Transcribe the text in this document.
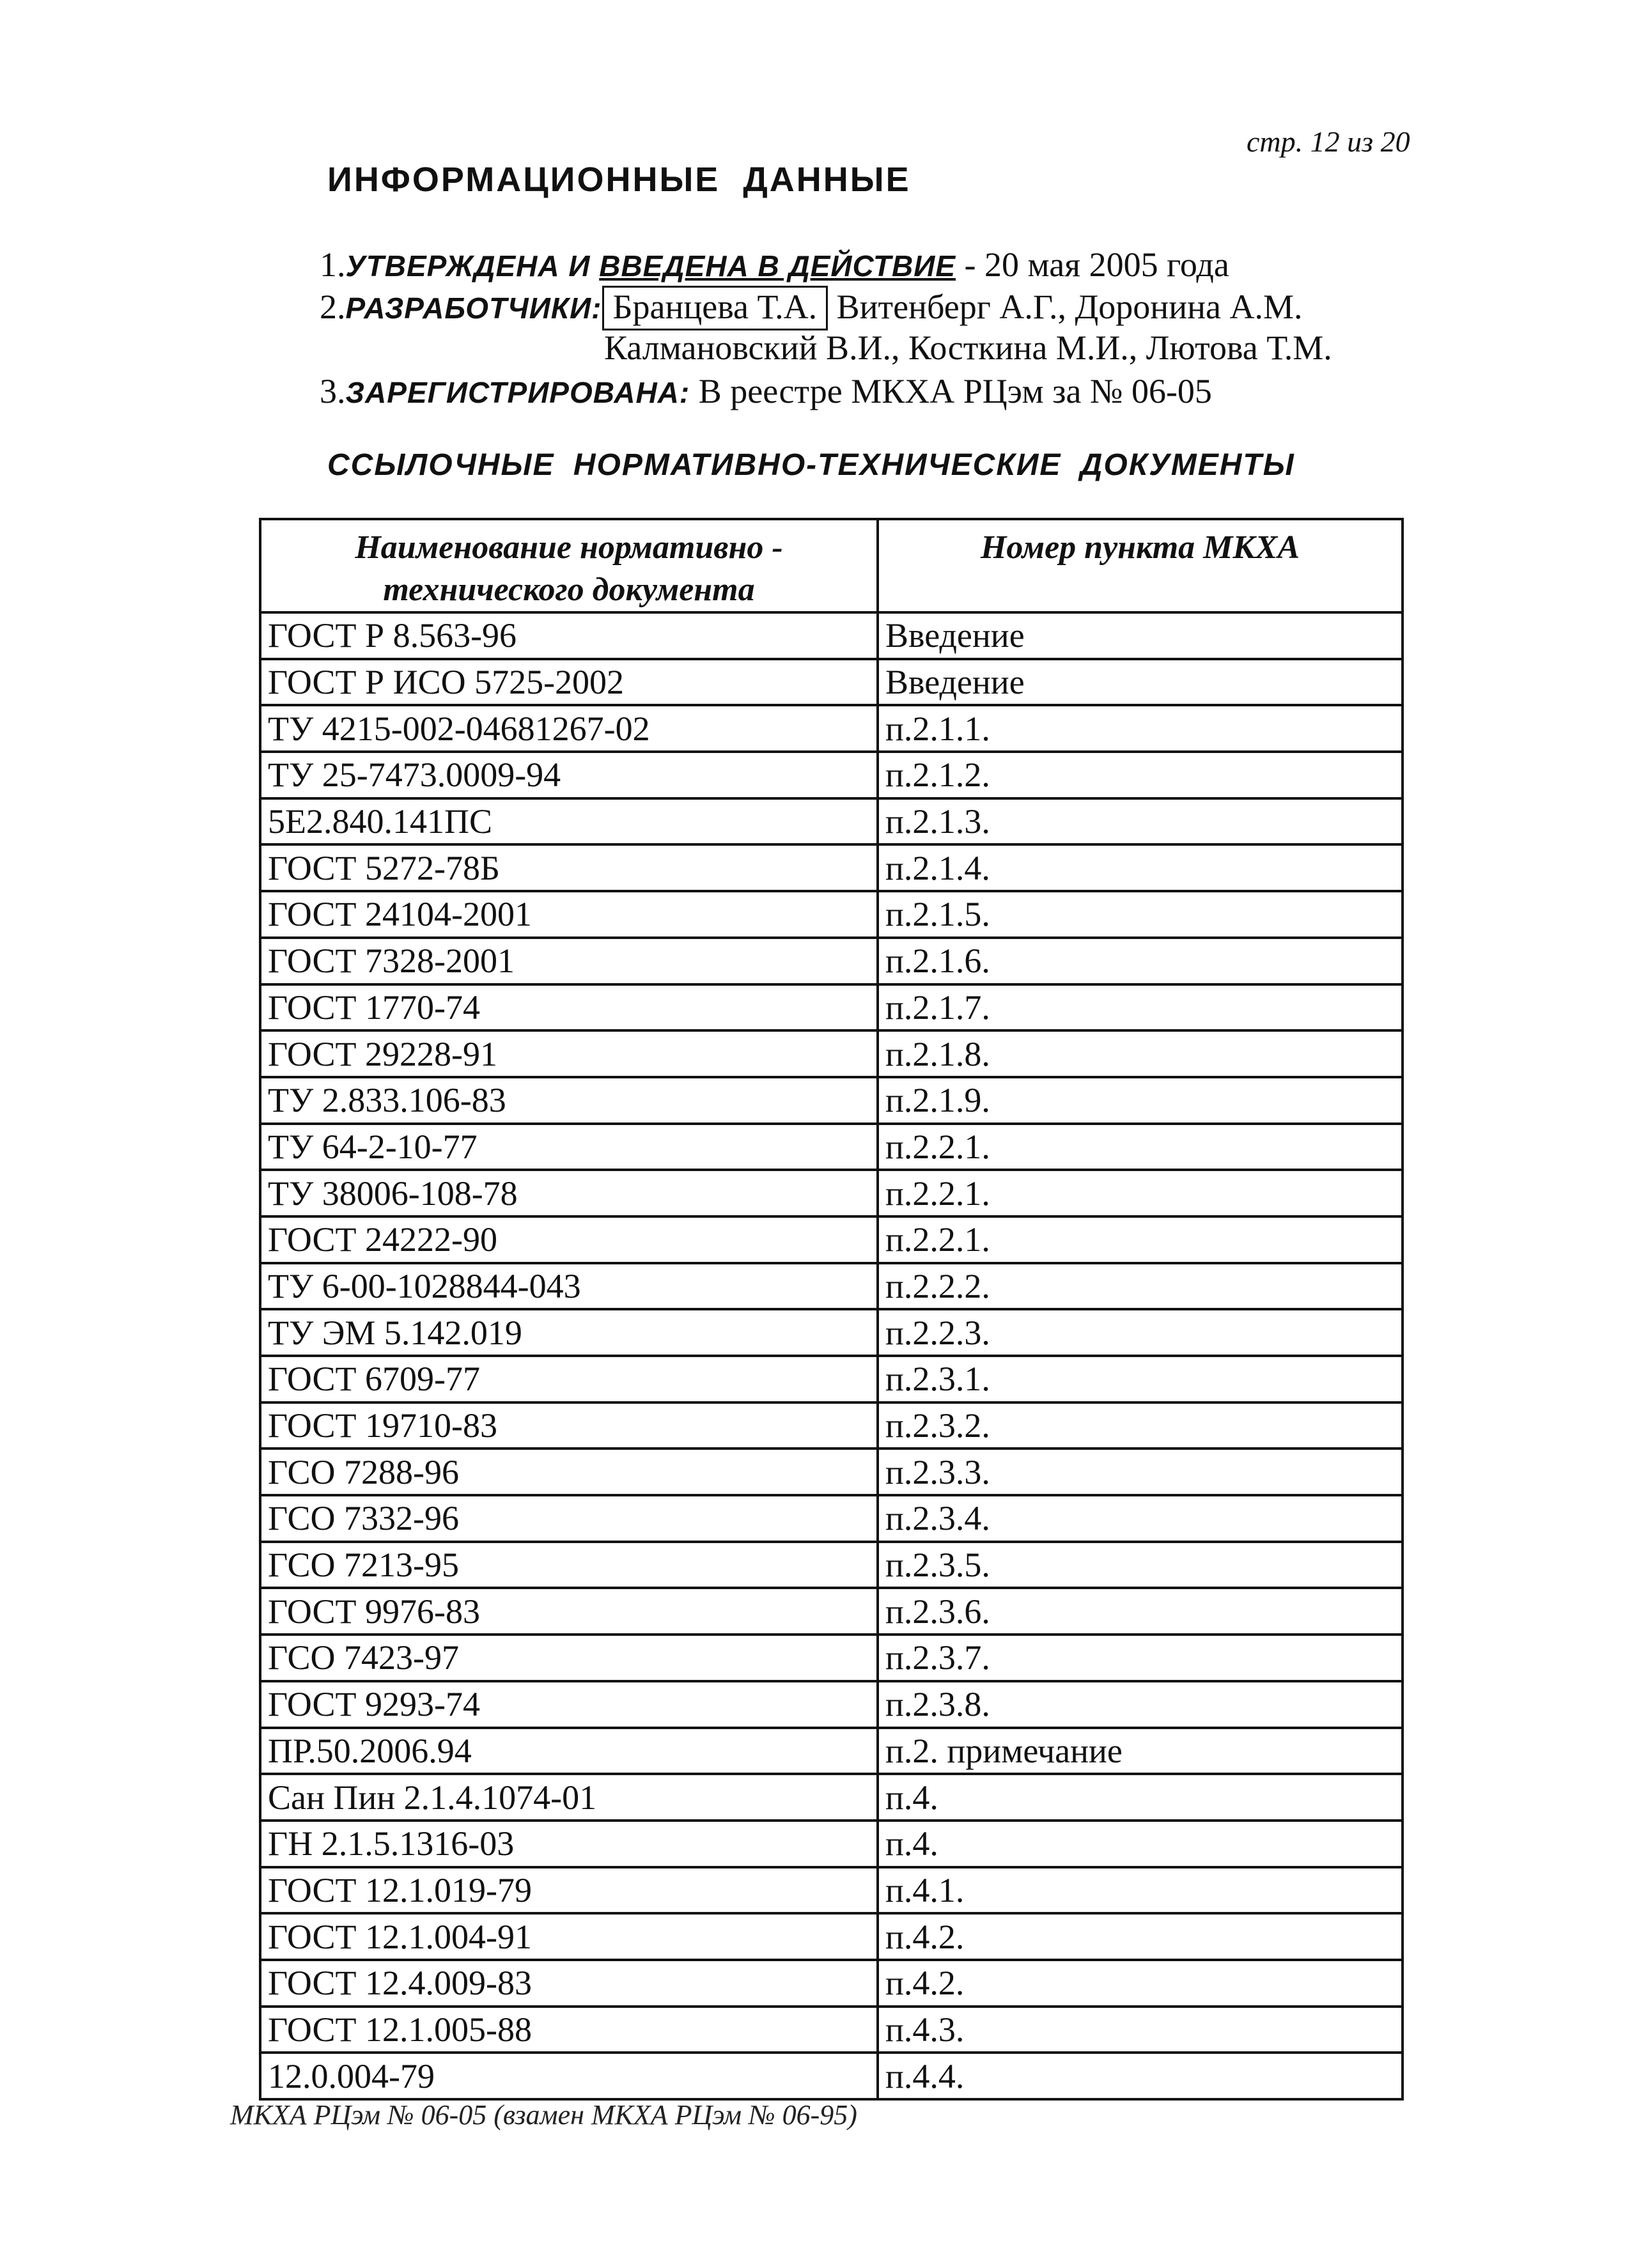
стр. 12 из 20
ИНФОРМАЦИОННЫЕ ДАННЫЕ
1.УТВЕРЖДЕНА И ВВЕДЕНА В ДЕЙСТВИЕ - 20 мая 2005 года
2.РАЗРАБОТЧИКИ: Бранцева Т.А. Витенберг А.Г., Доронина А.М.
Калмановский В.И., Косткина М.И., Лютова Т.М.
3.ЗАРЕГИСТРИРОВАНА: В реестре МКХА РЦэм за № 06-05
ССЫЛОЧНЫЕ НОРМАТИВНО-ТЕХНИЧЕСКИЕ ДОКУМЕНТЫ
Наименование нормативно -
технического документа	Номер пункта МКХА

ГОСТ Р 8.563-96	Введение
ГОСТ Р ИСО 5725-2002	Введение
ТУ 4215-002-04681267-02	п.2.1.1.
ТУ 25-7473.0009-94	п.2.1.2.
5Е2.840.141ПС	п.2.1.3.
ГОСТ 5272-78Б	п.2.1.4.
ГОСТ 24104-2001	п.2.1.5.
ГОСТ 7328-2001	п.2.1.6.
ГОСТ 1770-74	п.2.1.7.
ГОСТ 29228-91	п.2.1.8.
ТУ 2.833.106-83	п.2.1.9.
ТУ 64-2-10-77	п.2.2.1.
ТУ 38006-108-78	п.2.2.1.
ГОСТ 24222-90	п.2.2.1.
ТУ 6-00-1028844-043	п.2.2.2.
ТУ ЭМ 5.142.019	п.2.2.3.
ГОСТ 6709-77	п.2.3.1.
ГОСТ 19710-83	п.2.3.2.
ГСО 7288-96	п.2.3.3.
ГСО 7332-96	п.2.3.4.
ГСО 7213-95	п.2.3.5.
ГОСТ 9976-83	п.2.3.6.
ГСО 7423-97	п.2.3.7.
ГОСТ 9293-74	п.2.3.8.
ПР.50.2006.94	п.2. примечание
Сан Пин 2.1.4.1074-01	п.4.
ГН 2.1.5.1316-03	п.4.
ГОСТ 12.1.019-79	п.4.1.
ГОСТ 12.1.004-91	п.4.2.
ГОСТ 12.4.009-83	п.4.2.
ГОСТ 12.1.005-88	п.4.3.
12.0.004-79	п.4.4.
МКХА РЦэм № 06-05 (взамен МКХА РЦэм № 06-95)
